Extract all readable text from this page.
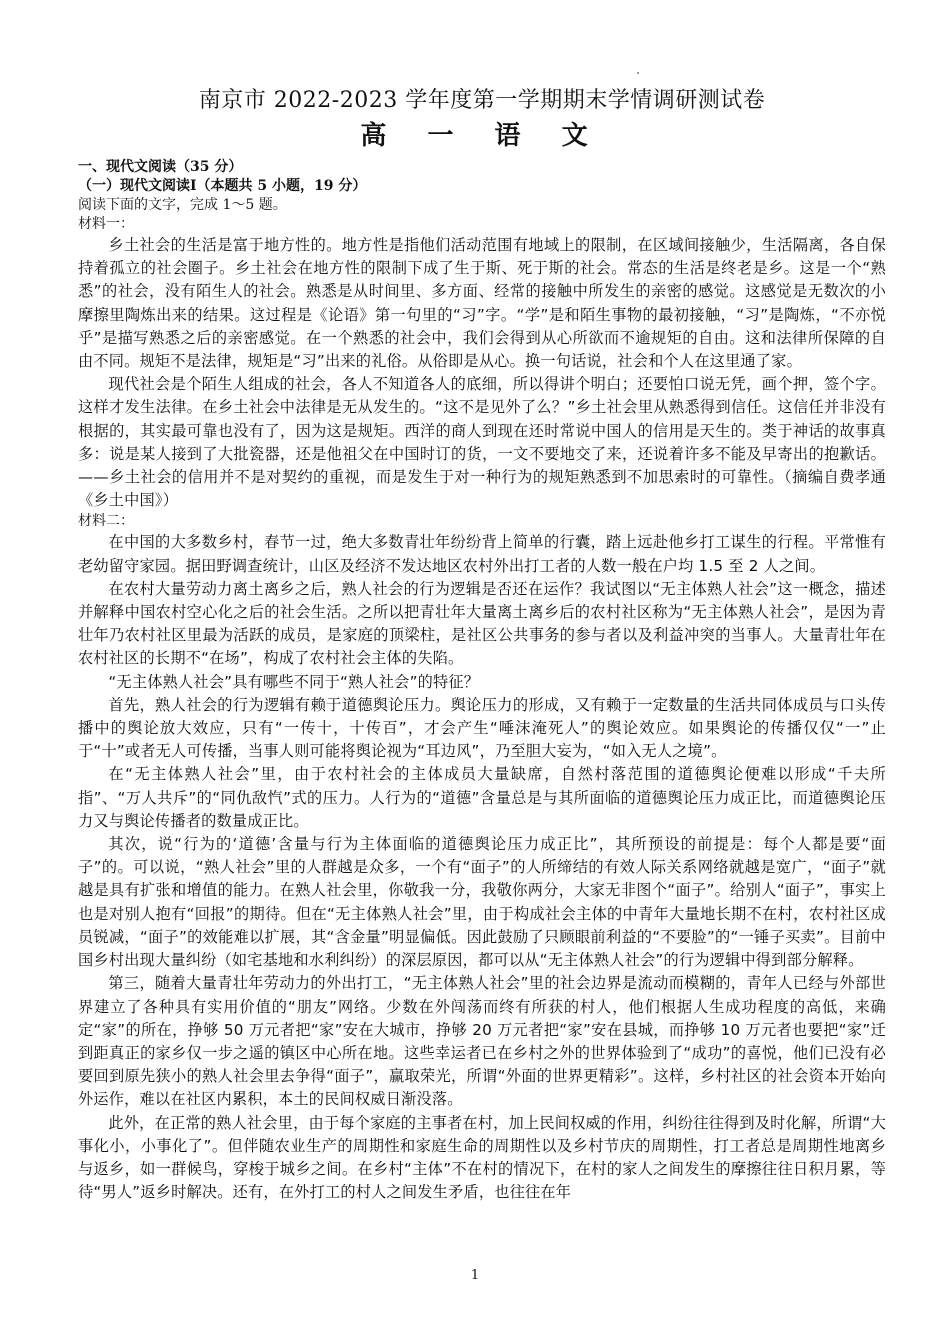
南京市 2022-2023 学年度第一学期期末学情调研测试卷
高 一 语 文
一、现代文阅读（35 分）
（一）现代文阅读Ⅰ（本题共 5 小题，19 分）
阅读下面的文字，完成 1～5 题。
材料一：

乡土社会的生活是富于地方性的。地方性是指他们活动范围有地域上的限制，在区域间接触少，生活隔离，各自保持着孤立的社会圈子。乡土社会在地方性的限制下成了生于斯、死于斯的社会。常态的生活是终老是乡。这是一个“熟悉”的社会，没有陌生人的社会。熟悉是从时间里、多方面、经常的接触中所发生的亲密的感觉。这感觉是无数次的小摩擦里陶炼出来的结果。这过程是《论语》第一句里的“习”字。“学”是和陌生事物的最初接触，“习”是陶炼，“不亦悦乎”是描写熟悉之后的亲密感觉。在一个熟悉的社会中，我们会得到从心所欲而不逾规矩的自由。这和法律所保障的自由不同。规矩不是法律，规矩是“习”出来的礼俗。从俗即是从心。换一句话说，社会和个人在这里通了家。

现代社会是个陌生人组成的社会，各人不知道各人的底细，所以得讲个明白；还要怕口说无凭，画个押，签个字。这样才发生法律。在乡土社会中法律是无从发生的。“这不是见外了么？”乡土社会里从熟悉得到信任。这信任并非没有根据的，其实最可靠也没有了，因为这是规矩。西洋的商人到现在还时常说中国人的信用是天生的。类于神话的故事真多：说是某人接到了大批瓷器，还是他祖父在中国时订的货，一文不要地交了来，还说着许多不能及早寄出的抱歉话。——乡土社会的信用并不是对契约的重视，而是发生于对一种行为的规矩熟悉到不加思索时的可靠性。（摘编自费孝通《乡土中国》）

材料二：

在中国的大多数乡村，春节一过，绝大多数青壮年纷纷背上简单的行囊，踏上远赴他乡打工谋生的行程。平常惟有老幼留守家园。据田野调查统计，山区及经济不发达地区农村外出打工者的人数一般在户均 1.5 至 2 人之间。

在农村大量劳动力离土离乡之后，熟人社会的行为逻辑是否还在运作？我试图以“无主体熟人社会”这一概念，描述并解释中国农村空心化之后的社会生活。之所以把青壮年大量离土离乡后的农村社区称为“无主体熟人社会”，是因为青壮年乃农村社区里最为活跃的成员，是家庭的顶梁柱，是社区公共事务的参与者以及利益冲突的当事人。大量青壮年在农村社区的长期不“在场”，构成了农村社会主体的失陷。

“无主体熟人社会”具有哪些不同于“熟人社会”的特征？

首先，熟人社会的行为逻辑有赖于道德舆论压力。舆论压力的形成，又有赖于一定数量的生活共同体成员与口头传播中的舆论放大效应，只有“一传十，十传百”，才会产生“唾沫淹死人”的舆论效应。如果舆论的传播仅仅“一”止于“十”或者无人可传播，当事人则可能将舆论视为“耳边风”，乃至胆大妄为，“如入无人之境”。

在“无主体熟人社会”里，由于农村社会的主体成员大量缺席，自然村落范围的道德舆论便难以形成“千夫所指”、“万人共斥”的“同仇敌忾”式的压力。人行为的“道德”含量总是与其所面临的道德舆论压力成正比，而道德舆论压力又与舆论传播者的数量成正比。

其次，说“行为的‘道德’含量与行为主体面临的道德舆论压力成正比”，其所预设的前提是：每个人都是要“面子”的。可以说，“熟人社会”里的人群越是众多，一个有“面子”的人所缔结的有效人际关系网络就越是宽广，“面子”就越是具有扩张和增值的能力。在熟人社会里，你敬我一分，我敬你两分，大家无非图个“面子”。给别人“面子”，事实上也是对别人抱有“回报”的期待。但在“无主体熟人社会”里，由于构成社会主体的中青年大量地长期不在村，农村社区成员锐减，“面子”的效能难以扩展，其“含金量”明显偏低。因此鼓励了只顾眼前利益的“不要脸”的“一锤子买卖”。目前中国乡村出现大量纠纷（如宅基地和水利纠纷）的深层原因，都可以从“无主体熟人社会”的行为逻辑中得到部分解释。

第三，随着大量青壮年劳动力的外出打工，“无主体熟人社会”里的社会边界是流动而模糊的，青年人已经与外部世界建立了各种具有实用价值的“朋友”网络。少数在外闯荡而终有所获的村人，他们根据人生成功程度的高低，来确定“家”的所在，挣够 50 万元者把“家”安在大城市，挣够 20 万元者把“家”安在县城，而挣够 10 万元者也要把“家”迁到距真正的家乡仅一步之遥的镇区中心所在地。这些幸运者已在乡村之外的世界体验到了“成功”的喜悦，他们已没有必要回到原先狭小的熟人社会里去争得“面子”，赢取荣光，所谓“外面的世界更精彩”。这样，乡村社区的社会资本开始向外运作，难以在社区内累积，本土的民间权威日渐没落。

此外，在正常的熟人社会里，由于每个家庭的主事者在村，加上民间权威的作用，纠纷往往得到及时化解，所谓“大事化小，小事化了”。但伴随农业生产的周期性和家庭生命的周期性以及乡村节庆的周期性，打工者总是周期性地离乡与返乡，如一群候鸟，穿梭于城乡之间。在乡村“主体”不在村的情况下，在村的家人之间发生的摩擦往往日积月累，等待“男人”返乡时解决。还有，在外打工的村人之间发生矛盾，也往往在年

1
